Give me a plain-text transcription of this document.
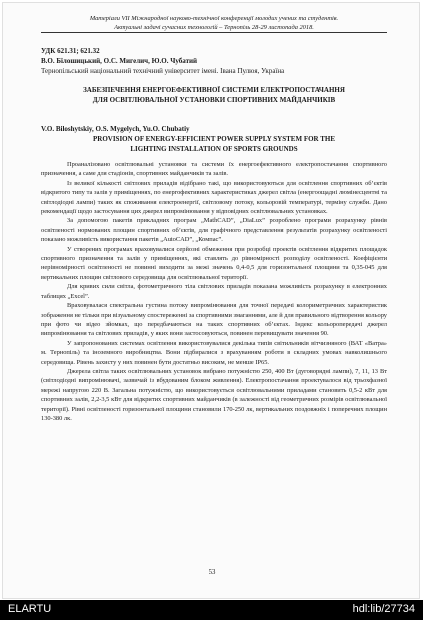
Матеріали VІІ Міжнародної науково-технічної конференції молодих учених та студентів.
Актуальні задачі сучасних технологій – Тернопіль 28-29 листопада 2018.
УДК 621.31; 621.32
В.О. Білошицький, О.С. Мигелич, Ю.О. Чубатий
Тернопільський національний технічний університет імені. Івана Пулюя, Україна
ЗАБЕЗПЕЧЕННЯ ЕНЕРГОЕФЕКТИВНОЇ СИСТЕМИ ЕЛЕКТРОПОСТАЧАННЯ
ДЛЯ ОСВІТЛЮВАЛЬНОЇ УСТАНОВКИ СПОРТИВНИХ МАЙДАНЧИКІВ
V.O. Biloshytskiy, O.S. Mygelych, Yu.O. Chubatiy
PROVISION OF ENERGY-EFFICIENT POWER SUPPLY SYSTEM FOR THE
LIGHTING INSTALLATION OF SPORTS GROUNDS

Проаналізовано освітлювальні установки та системи їх енергоефективного електропостачання спортивного призначення, а саме для стадіонів, спортивних майданчиків та залів.

Із великої кількості світлових приладів відібрано такі, що використовуються для освітлення спортивних об’єктів відкритого типу та залів у приміщеннях, по енергофективних характеристиках джерел світла (енергоощадні люмінесцентні та світлодіодні лампи) таких як споживання електроенергії, світловому потоку, кольоровій температурі, терміну служби. Дано рекомендації щодо застосування цих джерел випромінювання у відповідних освітлювальних установках.

За допомогою пакетів прикладних програм „MathCAD”, „DiaLux” розроблено програми розрахунку рівнів освітленості нормованих площин спортивних об’єктів, для графічного представлення результатів розрахунку освітленості показано можливість використання пакетів „AutoCAD”, „Компас”.

У створених програмах враховувалися серйозні обмеження при розробці проектів освітлення відкритих площадок спортивного призначення та залів у приміщеннях, які ставлять до рівномірності розподілу освітленості. Коефіцієнти нерівномірності освітленості не повинні виходити за межі значень 0,4-0,5 для горизонтальної площини та 0,35-045 для вертикальних площин світлового середовища для освітлювальної території.

Для кривих сили світла, фотометричного тіла світлових приладів показана можливість розрахунку в електронних таблицях „Excel”.

Враховувалася спектральна густина потоку випромінювання для точної передачі колориметричних характеристик зображення не тільки при візуальному спостереженні за спортивними змаганнями, але й для правильного відтворення кольору при фото чи відео зйомках, що передбачаються на таких спортивних об’єктах. Індекс кольоропередачі джерел випромінювання та світлових приладів, у яких вони застосовуються, повинен перевищувати значення 90.

У запропонованих системах освітлення використовувалися декілька типів світильників вітчизняного (ВАТ «Ватра» м. Тернопіль) та іноземного виробництва. Вони підбиралися з врахуванням роботи в складних умовах навколишнього середовища. Рівень захисту у них повинен бути достатньо високим, не менше IP65.

Джерела світла таких освітлювальних установок вибрано потужністю 250, 400 Вт (дуговорядні лампи), 7, 11, 13 Вт (світлодіодні випромінювачі, зазвичай із вбудованим блоком живлення). Електропостачання проектувалося від трьохфазної мережі напругою 220 В. Загальна потужністю, що використовується освітлювальними приладами становить 0,5-2 кВт для спортивних залів, 2,2-3,5 кВт для відкритих спортивних майданчиків (в залежності від геометричних розмірів освітлювальної території). Рівні освітленості горизонтальної площини становили 170-250 лк, вертикальних поздовжніх і поперечних площин 130-380 лк.

53
ELARTU	hdl:lib/27734
